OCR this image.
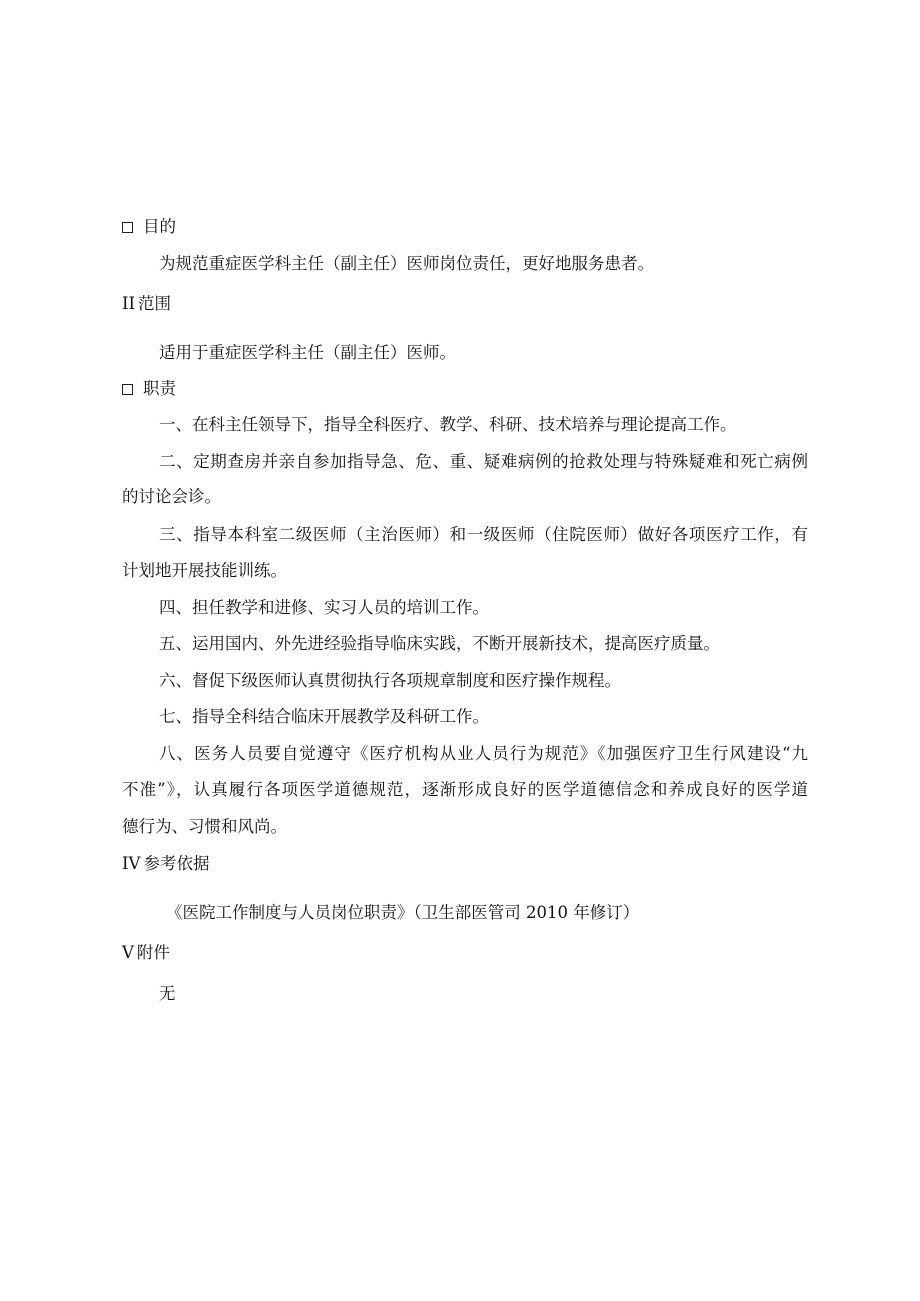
目的
为规范重症医学科主任（副主任）医师岗位责任，更好地服务患者。
II 范围
适用于重症医学科主任（副主任）医师。
职责
一、在科主任领导下，指导全科医疗、教学、科研、技术培养与理论提高工作。
二、定期查房并亲自参加指导急、危、重、疑难病例的抢救处理与特殊疑难和死亡病例
的讨论会诊。
三、指导本科室二级医师（主治医师）和一级医师（住院医师）做好各项医疗工作，有
计划地开展技能训练。
四、担任教学和进修、实习人员的培训工作。
五、运用国内、外先进经验指导临床实践，不断开展新技术，提高医疗质量。
六、督促下级医师认真贯彻执行各项规章制度和医疗操作规程。
七、指导全科结合临床开展教学及科研工作。
八、医务人员要自觉遵守《医疗机构从业人员行为规范》《加强医疗卫生行风建设“九
不准”》，认真履行各项医学道德规范，逐渐形成良好的医学道德信念和养成良好的医学道
德行为、习惯和风尚。
IV 参考依据
《医院工作制度与人员岗位职责》（卫生部医管司 2010 年修订）
V 附件
无
